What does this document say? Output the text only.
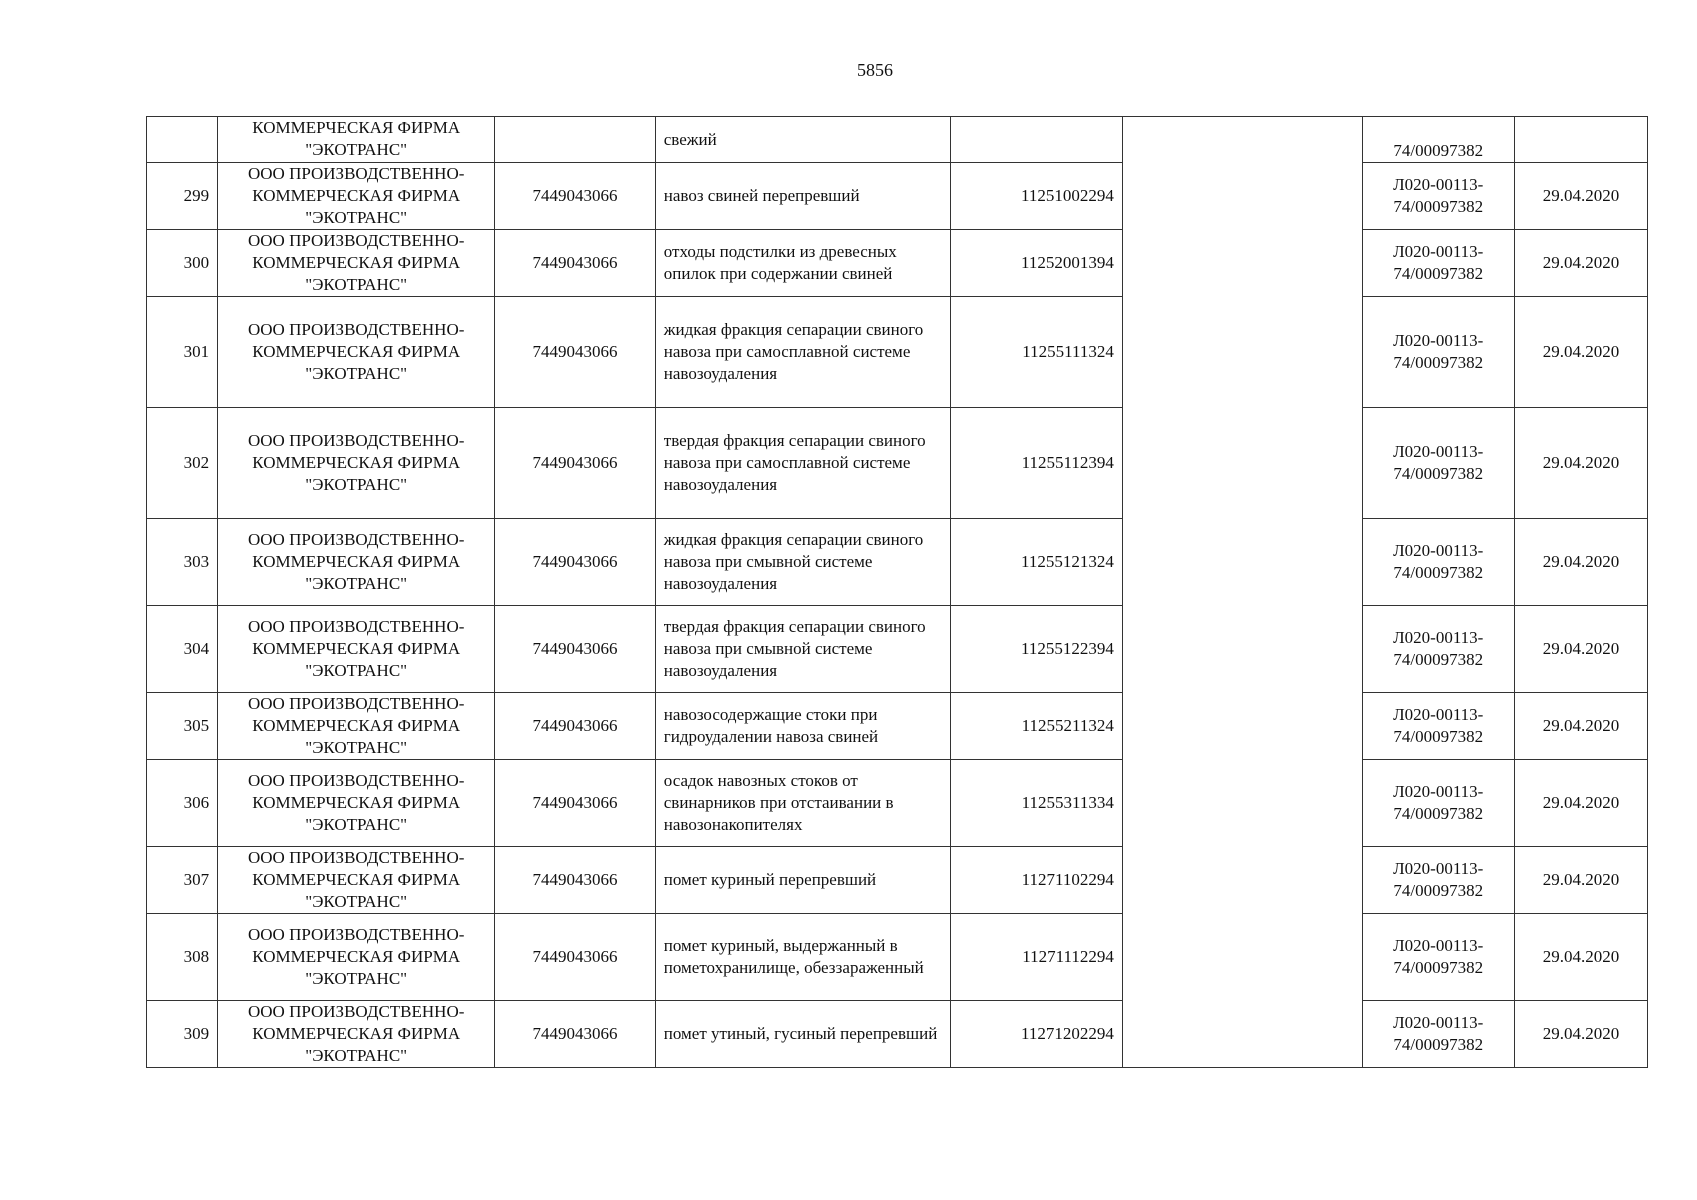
5856
	КОММЕРЧЕСКАЯ ФИРМА "ЭКОТРАНС"		свежий			74/00097382	
299	ООО ПРОИЗВОДСТВЕННО-КОММЕРЧЕСКАЯ ФИРМА "ЭКОТРАНС"	7449043066	навоз свиней перепревший	11251002294		Л020-00113-74/00097382	29.04.2020
300	ООО ПРОИЗВОДСТВЕННО-КОММЕРЧЕСКАЯ ФИРМА "ЭКОТРАНС"	7449043066	отходы подстилки из древесных опилок при содержании свиней	11252001394		Л020-00113-74/00097382	29.04.2020
301	ООО ПРОИЗВОДСТВЕННО-КОММЕРЧЕСКАЯ ФИРМА "ЭКОТРАНС"	7449043066	жидкая фракция сепарации свиного навоза при самосплавной системе навозоудаления	11255111324		Л020-00113-74/00097382	29.04.2020
302	ООО ПРОИЗВОДСТВЕННО-КОММЕРЧЕСКАЯ ФИРМА "ЭКОТРАНС"	7449043066	твердая фракция сепарации свиного навоза при самосплавной системе навозоудаления	11255112394		Л020-00113-74/00097382	29.04.2020
303	ООО ПРОИЗВОДСТВЕННО-КОММЕРЧЕСКАЯ ФИРМА "ЭКОТРАНС"	7449043066	жидкая фракция сепарации свиного навоза при смывной системе навозоудаления	11255121324		Л020-00113-74/00097382	29.04.2020
304	ООО ПРОИЗВОДСТВЕННО-КОММЕРЧЕСКАЯ ФИРМА "ЭКОТРАНС"	7449043066	твердая фракция сепарации свиного навоза при смывной системе навозоудаления	11255122394		Л020-00113-74/00097382	29.04.2020
305	ООО ПРОИЗВОДСТВЕННО-КОММЕРЧЕСКАЯ ФИРМА "ЭКОТРАНС"	7449043066	навозосодержащие стоки при гидроудалении навоза свиней	11255211324		Л020-00113-74/00097382	29.04.2020
306	ООО ПРОИЗВОДСТВЕННО-КОММЕРЧЕСКАЯ ФИРМА "ЭКОТРАНС"	7449043066	осадок навозных стоков от свинарников при отстаивании в навозонакопителях	11255311334		Л020-00113-74/00097382	29.04.2020
307	ООО ПРОИЗВОДСТВЕННО-КОММЕРЧЕСКАЯ ФИРМА "ЭКОТРАНС"	7449043066	помет куриный перепревший	11271102294		Л020-00113-74/00097382	29.04.2020
308	ООО ПРОИЗВОДСТВЕННО-КОММЕРЧЕСКАЯ ФИРМА "ЭКОТРАНС"	7449043066	помет куриный, выдержанный в пометохранилище, обеззараженный	11271112294		Л020-00113-74/00097382	29.04.2020
309	ООО ПРОИЗВОДСТВЕННО-КОММЕРЧЕСКАЯ ФИРМА "ЭКОТРАНС"	7449043066	помет утиный, гусиный перепревший	11271202294		Л020-00113-74/00097382	29.04.2020
